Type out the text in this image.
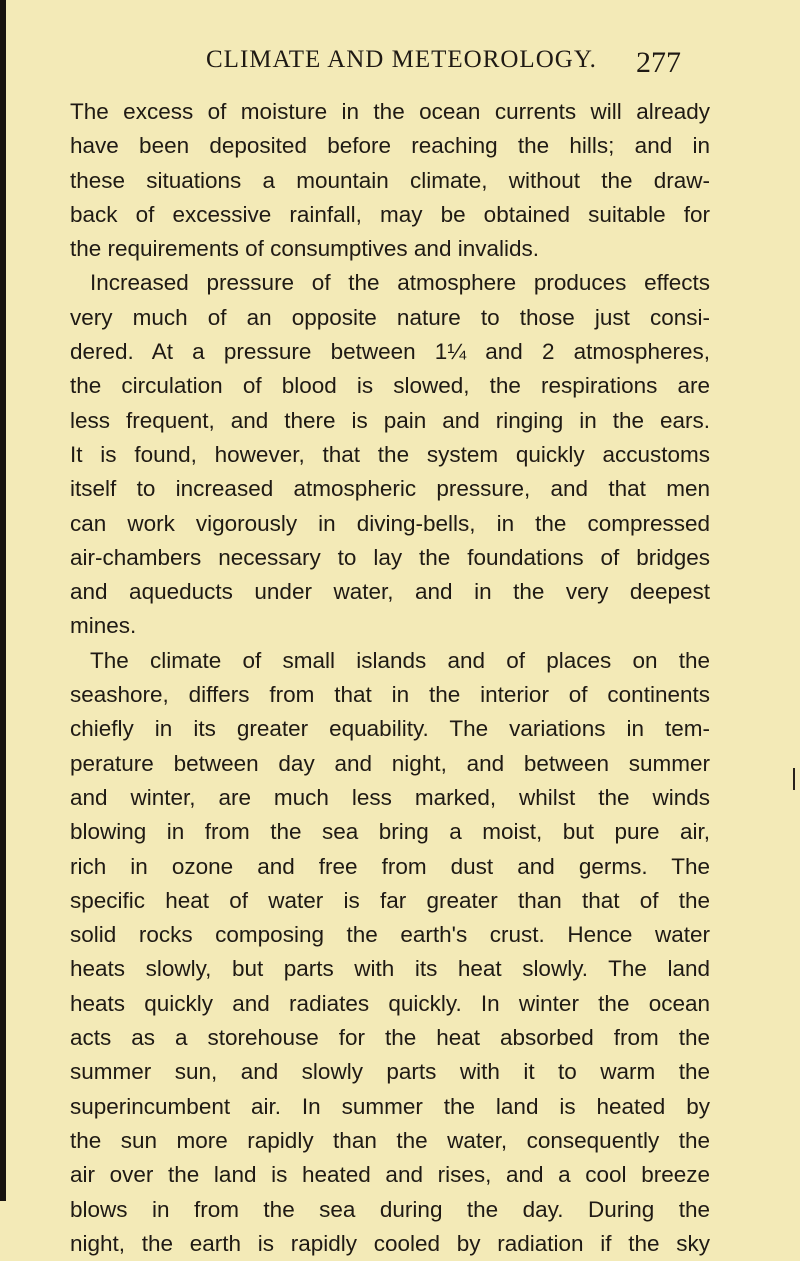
CLIMATE AND METEOROLOGY. 277
The excess of moisture in the ocean currents will already
have been deposited before reaching the hills; and in
these situations a mountain climate, without the draw-
back of excessive rainfall, may be obtained suitable for
the requirements of consumptives and invalids.
Increased pressure of the atmosphere produces effects
very much of an opposite nature to those just consi-
dered. At a pressure between 1¼ and 2 atmospheres,
the circulation of blood is slowed, the respirations are
less frequent, and there is pain and ringing in the ears.
It is found, however, that the system quickly accustoms
itself to increased atmospheric pressure, and that men
can work vigorously in diving-bells, in the compressed
air-chambers necessary to lay the foundations of bridges
and aqueducts under water, and in the very deepest
mines.
The climate of small islands and of places on the
seashore, differs from that in the interior of continents
chiefly in its greater equability. The variations in tem-
perature between day and night, and between summer
and winter, are much less marked, whilst the winds
blowing in from the sea bring a moist, but pure air,
rich in ozone and free from dust and germs. The
specific heat of water is far greater than that of the
solid rocks composing the earth's crust. Hence water
heats slowly, but parts with its heat slowly. The land
heats quickly and radiates quickly. In winter the ocean
acts as a storehouse for the heat absorbed from the
summer sun, and slowly parts with it to warm the
superincumbent air. In summer the land is heated by
the sun more rapidly than the water, consequently the
air over the land is heated and rises, and a cool breeze
blows in from the sea during the day. During the
night, the earth is rapidly cooled by radiation if the sky
